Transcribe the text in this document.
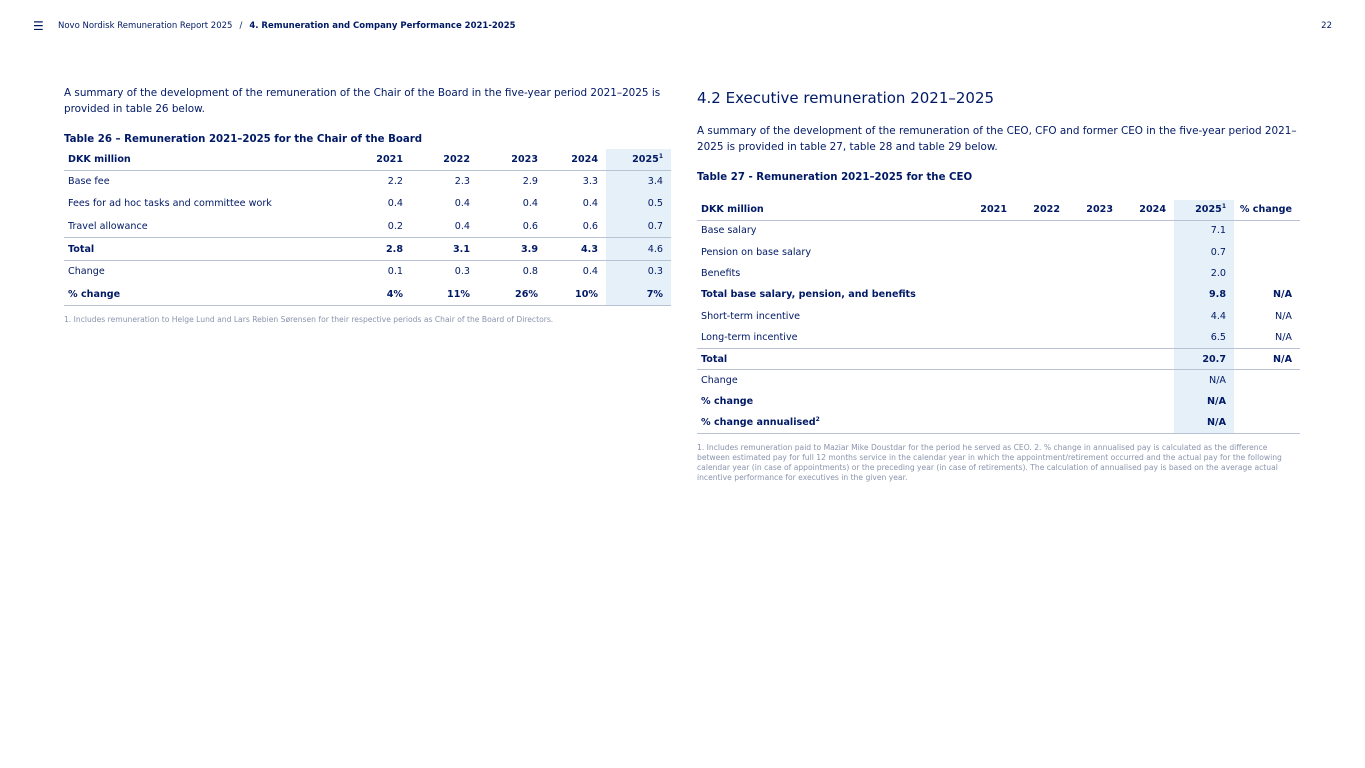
☰ Novo Nordisk Remuneration Report 2025 / 4. Remuneration and Company Performance 2021-2025	22

A summary of the development of the remuneration of the Chair of the Board in the five-year period 2021–2025 is provided in table 26 below.

Table 26 – Remuneration 2021–2025 for the Chair of the Board
DKK million	2021	2022	2023	2024	2025$^1$
Base fee	2.2	2.3	2.9	3.3	3.4
Fees for ad hoc tasks and committee work	0.4	0.4	0.4	0.4	0.5
Travel allowance	0.2	0.4	0.6	0.6	0.7
Total	2.8	3.1	3.9	4.3	4.6
Change	0.1	0.3	0.8	0.4	0.3
% change	4%	11%	26%	10%	7%

1. Includes remuneration to Helge Lund and Lars Rebien Sørensen for their respective periods as Chair of the Board of Directors.

4.2 Executive remuneration 2021–2025

A summary of the development of the remuneration of the CEO, CFO and former CEO in the five-year period 2021–2025 is provided in table 27, table 28 and table 29 below.

Table 27 - Remuneration 2021–2025 for the CEO
DKK million	2021	2022	2023	2024	2025$^1$	% change
Base salary					7.1	
Pension on base salary					0.7	
Benefits					2.0	
Total base salary, pension, and benefits					9.8	N/A
Short-term incentive					4.4	N/A
Long-term incentive					6.5	N/A
Total					20.7	N/A
Change					N/A	
% change					N/A	
% change annualised$^2$					N/A	

1. Includes remuneration paid to Maziar Mike Doustdar for the period he served as CEO. 2. % change in annualised pay is calculated as the difference between estimated pay for full 12 months service in the calendar year in which the appointment/retirement occurred and the actual pay for the following calendar year (in case of appointments) or the preceding year (in case of retirements). The calculation of annualised pay is based on the average actual incentive performance for executives in the given year.
